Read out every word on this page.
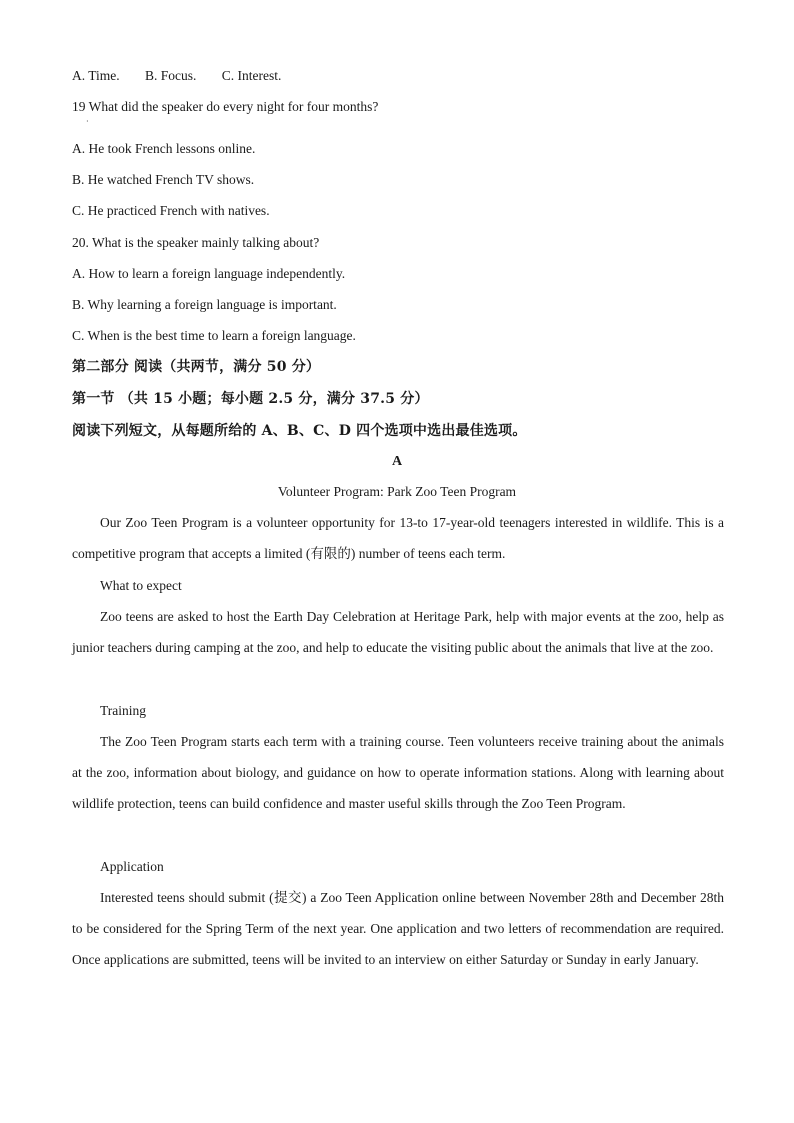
A. Time. B. Focus. C. Interest.
19 What did the speaker do every night for four months?
·
A. He took French lessons online.
B. He watched French TV shows.
C. He practiced French with natives.
20. What is the speaker mainly talking about?
A. How to learn a foreign language independently.
B. Why learning a foreign language is important.
C. When is the best time to learn a foreign language.
第二部分 阅读（共两节，满分 50 分）
第一节 （共 15 小题；每小题 2.5 分，满分 37.5 分）
阅读下列短文，从每题所给的 A、B、C、D 四个选项中选出最佳选项。
A
Volunteer Program: Park Zoo Teen Program
Our Zoo Teen Program is a volunteer opportunity for 13-to 17-year-old teenagers interested in wildlife. This is a competitive program that accepts a limited (有限的) number of teens each term.
What to expect
Zoo teens are asked to host the Earth Day Celebration at Heritage Park, help with major events at the zoo, help as junior teachers during camping at the zoo, and help to educate the visiting public about the animals that live at the zoo.
Training
The Zoo Teen Program starts each term with a training course. Teen volunteers receive training about the animals at the zoo, information about biology, and guidance on how to operate information stations. Along with learning about wildlife protection, teens can build confidence and master useful skills through the Zoo Teen Program.
Application
Interested teens should submit (提交) a Zoo Teen Application online between November 28th and December 28th to be considered for the Spring Term of the next year. One application and two letters of recommendation are required. Once applications are submitted, teens will be invited to an interview on either Saturday or Sunday in early January.
